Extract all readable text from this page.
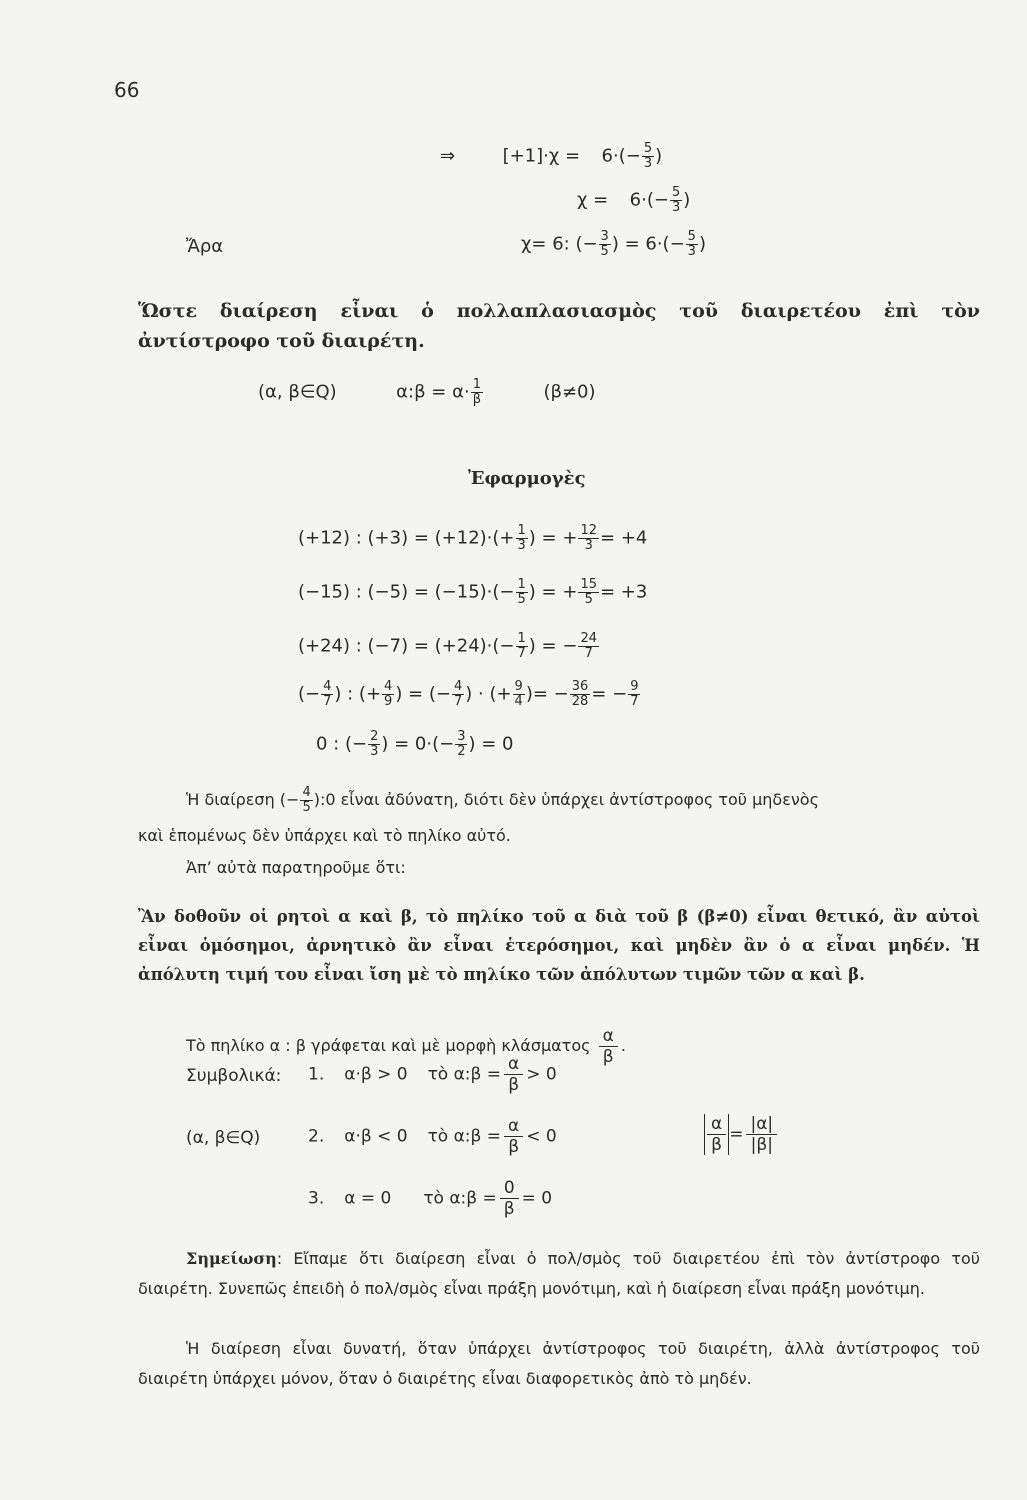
66
⇒	$[+1]\cdot\chi = 6\cdot(- \frac{5}{3}$ )
$\chi = 6\cdot(- \frac{5}{3}$ )
Ἄρα	χ= 6: (− $\frac{3}{5}$ ) = $6\cdot(- \frac{5}{3}$ )
Ὥστε διαίρεση εἶναι ὁ πολλαπλασιασμὸς τοῦ διαιρετέου ἐπὶ τὸν ἀντίστροφο τοῦ διαιρέτη.
(α, β∈Q)	α:β = $\alpha\cdot \frac{1}{\beta}$	(β≠0)
Ἐφαρμογὲς
(+12) : $(+3) = (+12)\cdot(+ \frac{1}{3}$ ) = + $\frac{12}{3} = +4$
(−15) : $(-5) = (-15)\cdot(- \frac{1}{5}$ ) = + $\frac{15}{5} = +3$
(+24) : $(-7) = (+24)\cdot(- \frac{1}{7}$ ) = − $\frac{24}{7}$
(− $\frac{4}{7}$ ) : (+ $\frac{4}{9}$ ) = (− $\frac{4}{7}$ ) · (+ $\frac{9}{4}$ )= − $\frac{36}{28}$ = − $\frac{9}{7}$
0 : (− $\frac{2}{3}$ ) = $0\cdot(- \frac{3}{2}$ ) = 0
Ἡ διαίρεση (− $\frac{4}{5}$ ):0 εἶναι ἀδύνατη, διότι δὲν ὑπάρχει ἀντίστροφος τοῦ μηδενὸς
καὶ ἑπομένως δὲν ὑπάρχει καὶ τὸ πηλίκο αὐτό.
Ἀπ’ αὐτὰ παρατηροῦμε ὅτι:
Ἂν δοθοῦν οἱ ρητοὶ α καὶ β, τὸ πηλίκο τοῦ α διὰ τοῦ β (β≠0) εἶναι θετικό, ἂν αὐτοὶ εἶναι ὁμόσημοι, ἀρνητικὸ ἂν εἶναι ἑτερόσημοι, καὶ μηδὲν ἂν ὁ α εἶναι μηδέν. Ἡ ἀπόλυτη τιμή του εἶναι ἴση μὲ τὸ πηλίκο τῶν ἀπόλυτων τιμῶν τῶν α καὶ β.
Τὸ πηλίκο α : β γράφεται καὶ μὲ μορφὴ κλάσματος $\frac{\alpha}{\beta}$ .
Συμβολικά: 1. α·β > 0 τὸ α:β = $\frac{\alpha}{\beta} > 0$
(α, β∈Q)	2. α·β < 0 τὸ α:β = $\frac{\alpha}{\beta} < 0$	$\frac{\alpha}{\beta} = \frac{|\alpha|}{|\beta|}$
3. α = 0 τὸ α:β = $\frac{0}{\beta} = 0$
Σημείωση: Εἴπαμε ὅτι διαίρεση εἶναι ὁ πολ/σμὸς τοῦ διαιρετέου ἐπὶ τὸν ἀντίστροφο τοῦ διαιρέτη. Συνεπῶς ἐπειδὴ ὁ πολ/σμὸς εἶναι πράξη μονότιμη, καὶ ἡ διαίρεση εἶναι πράξη μονότιμη.
Ἡ διαίρεση εἶναι δυνατή, ὅταν ὑπάρχει ἀντίστροφος τοῦ διαιρέτη, ἀλλὰ ἀντίστροφος τοῦ διαιρέτη ὑπάρχει μόνον, ὅταν ὁ διαιρέτης εἶναι διαφορετικὸς ἀπὸ τὸ μηδέν.
